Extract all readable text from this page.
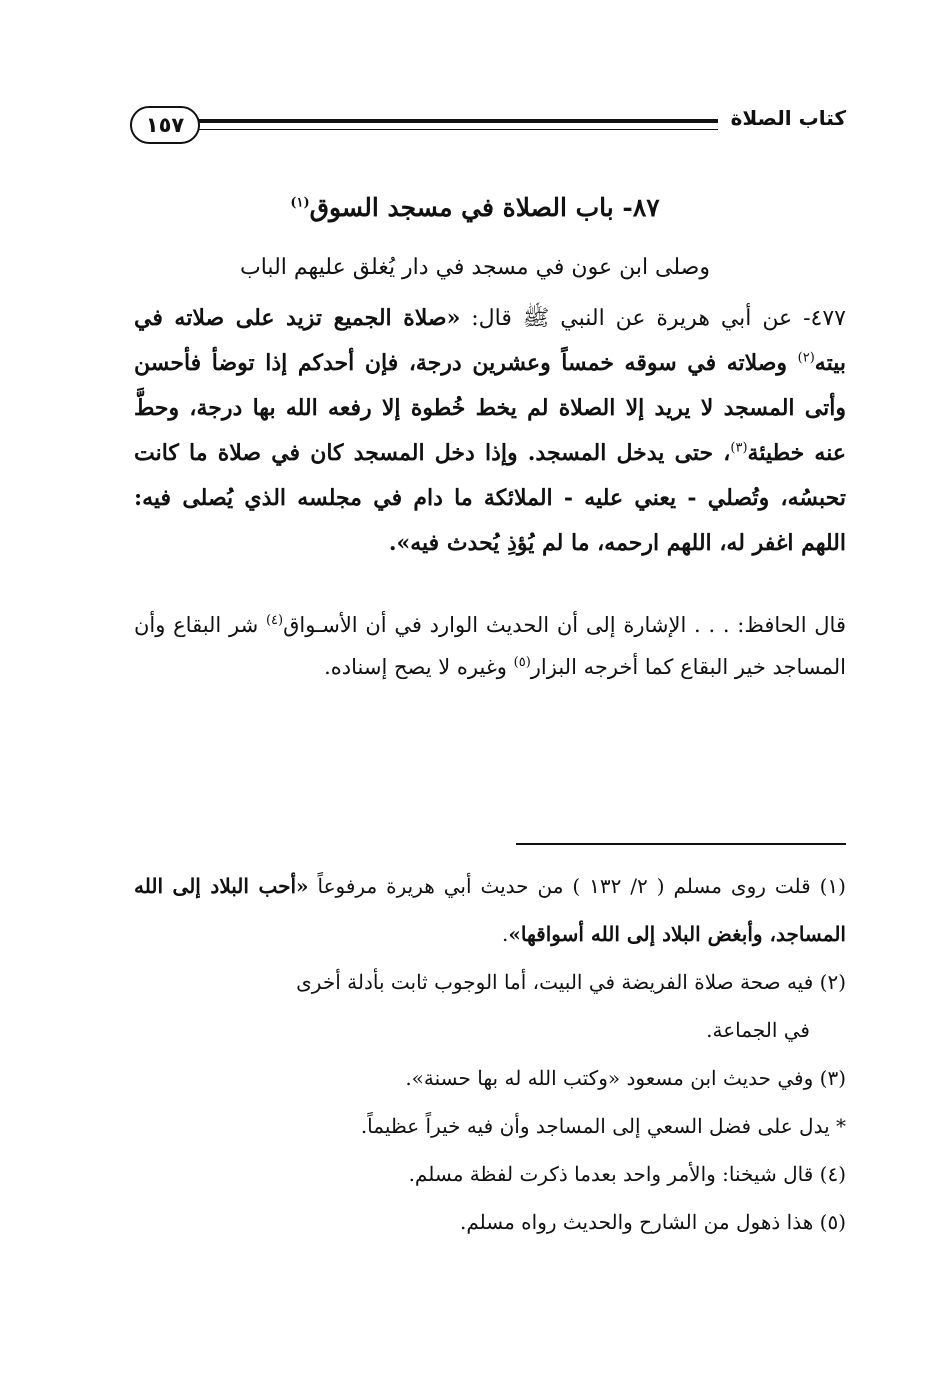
كتاب الصلاة
١٥٧
٨٧- باب الصلاة في مسجد السوق$^{(١)}$
وصلى ابن عون في مسجد في دار يُغلق عليهم الباب
٤٧٧- عن أبي هريرة عن النبي ﷺ قال: «صلاة الجميع تزيد على صلاته في بيته$^{(٢)}$ وصلاته في سوقه خمساً وعشرين درجة، فإن أحدكم إذا توضأ فأحسن وأتى المسجد لا يريد إلا الصلاة لم يخط خُطوة إلا رفعه الله بها درجة، وحطَّ عنه خطيئة$^{(٣)}$، حتى يدخل المسجد. وإذا دخل المسجد كان في صلاة ما كانت تحبسُه، وتُصلي - يعني عليه - الملائكة ما دام في مجلسه الذي يُصلى فيه: اللهم اغفر له، اللهم ارحمه، ما لم يُؤذِ يُحدث فيه».
قال الحافظ: . . . الإشارة إلى أن الحديث الوارد في أن الأسـواق$^{(٤)}$ شر البقاع وأن المساجد خير البقاع كما أخرجه البزار$^{(٥)}$ وغيره لا يصح إسناده.

(١) قلت روى مسلم ( ٢/ ١٣٢ ) من حديث أبي هريرة مرفوعاً «أحب البلاد إلى الله المساجد، وأبغض البلاد إلى الله أسواقها».

(٢) فيه صحة صلاة الفريضة في البيت، أما الوجوب ثابت بأدلة أخرى

في الجماعة.

(٣) وفي حديث ابن مسعود «وكتب الله له بها حسنة».

* يدل على فضل السعي إلى المساجد وأن فيه خيراً عظيماً.

(٤) قال شيخنا: والأمر واحد بعدما ذكرت لفظة مسلم.

(٥) هذا ذهول من الشارح والحديث رواه مسلم.
